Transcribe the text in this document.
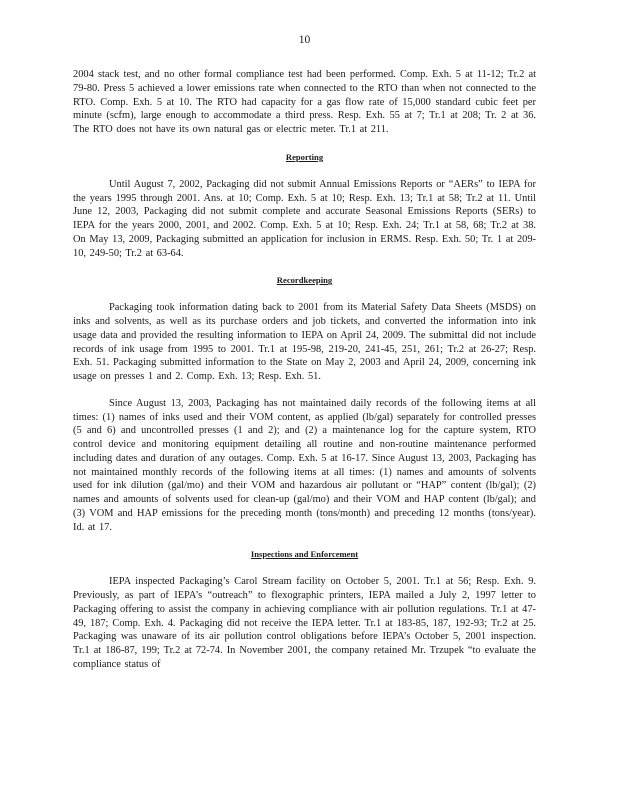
10

2004 stack test, and no other formal compliance test had been performed. Comp. Exh. 5 at 11-12; Tr.2 at 79-80. Press 5 achieved a lower emissions rate when connected to the RTO than when not connected to the RTO. Comp. Exh. 5 at 10. The RTO had capacity for a gas flow rate of 15,000 standard cubic feet per minute (scfm), large enough to accommodate a third press. Resp. Exh. 55 at 7; Tr.1 at 208; Tr. 2 at 36. The RTO does not have its own natural gas or electric meter. Tr.1 at 211.

Reporting

Until August 7, 2002, Packaging did not submit Annual Emissions Reports or “AERs” to IEPA for the years 1995 through 2001. Ans. at 10; Comp. Exh. 5 at 10; Resp. Exh. 13; Tr.1 at 58; Tr.2 at 11. Until June 12, 2003, Packaging did not submit complete and accurate Seasonal Emissions Reports (SERs) to IEPA for the years 2000, 2001, and 2002. Comp. Exh. 5 at 10; Resp. Exh. 24; Tr.1 at 58, 68; Tr.2 at 38. On May 13, 2009, Packaging submitted an application for inclusion in ERMS. Resp. Exh. 50; Tr. 1 at 209-10, 249-50; Tr.2 at 63-64.

Recordkeeping

Packaging took information dating back to 2001 from its Material Safety Data Sheets (MSDS) on inks and solvents, as well as its purchase orders and job tickets, and converted the information into ink usage data and provided the resulting information to IEPA on April 24, 2009. The submittal did not include records of ink usage from 1995 to 2001. Tr.1 at 195-98, 219-20, 241-45, 251, 261; Tr.2 at 26-27; Resp. Exh. 51. Packaging submitted information to the State on May 2, 2003 and April 24, 2009, concerning ink usage on presses 1 and 2. Comp. Exh. 13; Resp. Exh. 51.

Since August 13, 2003, Packaging has not maintained daily records of the following items at all times: (1) names of inks used and their VOM content, as applied (lb/gal) separately for controlled presses (5 and 6) and uncontrolled presses (1 and 2); and (2) a maintenance log for the capture system, RTO control device and monitoring equipment detailing all routine and non-routine maintenance performed including dates and duration of any outages. Comp. Exh. 5 at 16-17. Since August 13, 2003, Packaging has not maintained monthly records of the following items at all times: (1) names and amounts of solvents used for ink dilution (gal/mo) and their VOM and hazardous air pollutant or “HAP” content (lb/gal); (2) names and amounts of solvents used for clean-up (gal/mo) and their VOM and HAP content (lb/gal); and (3) VOM and HAP emissions for the preceding month (tons/month) and preceding 12 months (tons/year). Id. at 17.

Inspections and Enforcement

IEPA inspected Packaging’s Carol Stream facility on October 5, 2001. Tr.1 at 56; Resp. Exh. 9. Previously, as part of IEPA’s “outreach” to flexographic printers, IEPA mailed a July 2, 1997 letter to Packaging offering to assist the company in achieving compliance with air pollution regulations. Tr.1 at 47-49, 187; Comp. Exh. 4. Packaging did not receive the IEPA letter. Tr.1 at 183-85, 187, 192-93; Tr.2 at 25. Packaging was unaware of its air pollution control obligations before IEPA’s October 5, 2001 inspection. Tr.1 at 186-87, 199; Tr.2 at 72-74. In November 2001, the company retained Mr. Trzupek “to evaluate the compliance status of
